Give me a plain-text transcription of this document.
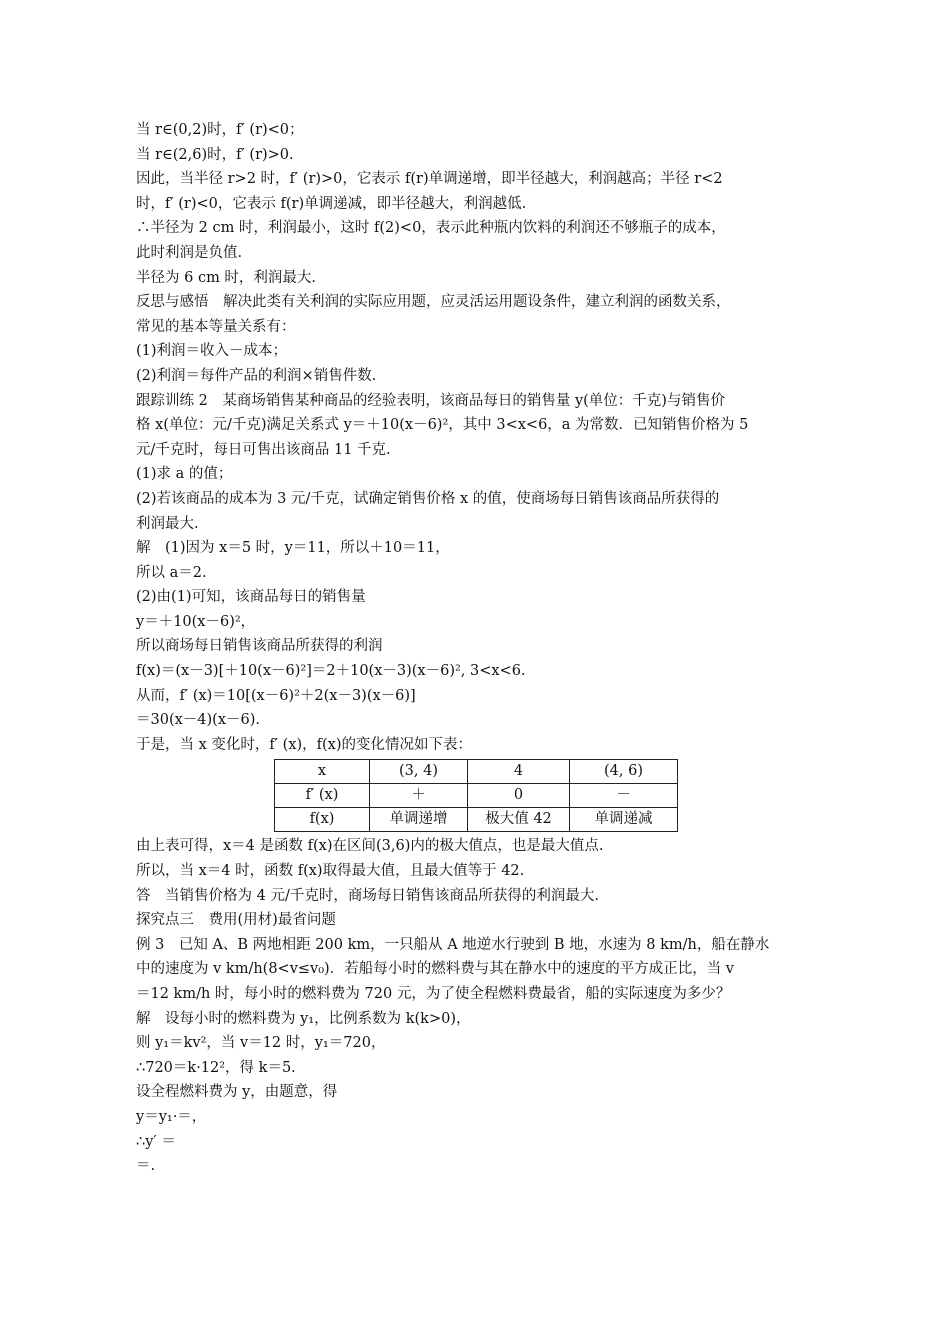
当 r∈(0,2)时，f′ (r)<0；
当 r∈(2,6)时，f′ (r)>0.
因此，当半径 r>2 时，f′ (r)>0，它表示 f(r)单调递增，即半径越大，利润越高；半径 r<2
时，f′ (r)<0，它表示 f(r)单调递减，即半径越大，利润越低.
∴半径为 2 cm 时，利润最小，这时 f(2)<0，表示此种瓶内饮料的利润还不够瓶子的成本，
此时利润是负值.
半径为 6 cm 时，利润最大.
反思与感悟　解决此类有关利润的实际应用题，应灵活运用题设条件，建立利润的函数关系，
常见的基本等量关系有：
(1)利润＝收入－成本；
(2)利润＝每件产品的利润×销售件数.
跟踪训练 2　某商场销售某种商品的经验表明，该商品每日的销售量 y(单位：千克)与销售价
格 x(单位：元/千克)满足关系式 y＝＋10(x－6)²，其中 3<x<6，a 为常数．已知销售价格为 5
元/千克时，每日可售出该商品 11 千克.
(1)求 a 的值；
(2)若该商品的成本为 3 元/千克，试确定销售价格 x 的值，使商场每日销售该商品所获得的
利润最大.
解　(1)因为 x＝5 时，y＝11，所以＋10＝11，
所以 a＝2.
(2)由(1)可知，该商品每日的销售量
y＝＋10(x－6)²，
所以商场每日销售该商品所获得的利润
f(x)＝(x－3)[＋10(x－6)²]＝2＋10(x－3)(x－6)², 3<x<6.
从而，f′ (x)＝10[(x－6)²＋2(x－3)(x－6)]
＝30(x－4)(x－6).
于是，当 x 变化时，f′ (x)，f(x)的变化情况如下表：
x	(3, 4)	4	(4, 6)
f′ (x)	＋	0	－
f(x)	单调递增	极大值 42	单调递减
由上表可得，x＝4 是函数 f(x)在区间(3,6)内的极大值点，也是最大值点.
所以，当 x＝4 时，函数 f(x)取得最大值，且最大值等于 42.
答　当销售价格为 4 元/千克时，商场每日销售该商品所获得的利润最大.
探究点三　费用(用材)最省问题
例 3　已知 A、B 两地相距 200 km，一只船从 A 地逆水行驶到 B 地，水速为 8 km/h，船在静水
中的速度为 v km/h(8<v≤v₀)．若船每小时的燃料费与其在静水中的速度的平方成正比，当 v
＝12 km/h 时，每小时的燃料费为 720 元，为了使全程燃料费最省，船的实际速度为多少？
解　设每小时的燃料费为 y₁，比例系数为 k(k>0)，
则 y₁＝kv²，当 v＝12 时，y₁＝720，
∴720＝k·12²，得 k＝5.
设全程燃料费为 y，由题意，得
y＝y₁·＝，
∴y′ ＝
＝.
